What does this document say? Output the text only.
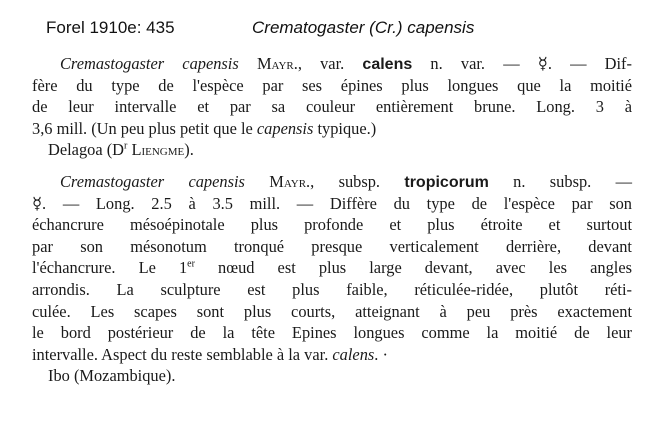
Forel 1910e: 435	Crematogaster (Cr.) capensis
Cremastogaster capensis Mayr., var. calens n. var. — ☿. — Dif-
fère du type de l'espèce par ses épines plus longues que la moitié
de leur intervalle et par sa couleur entièrement brune. Long. 3 à
3,6 mill. (Un peu plus petit que le capensis typique.)
Delagoa ($D^r$ Liengme).
Cremastogaster capensis Mayr., subsp. tropicorum n. subsp. —
☿. — Long. 2.5 à 3.5 mill. — Diffère du type de l'espèce par son
échancrure mésoépinotale plus profonde et plus étroite et surtout
par son mésonotum tronqué presque verticalement derrière, devant
l'échancrure. Le 1er nœud est plus large devant, avec les angles
arrondis. La sculpture est plus faible, réticulée-ridée, plutôt réti-
culée. Les scapes sont plus courts, atteignant à peu près exactement
le bord postérieur de la tête Epines longues comme la moitié de leur
intervalle. Aspect du reste semblable à la var. calens. ·
Ibo (Mozambique).
